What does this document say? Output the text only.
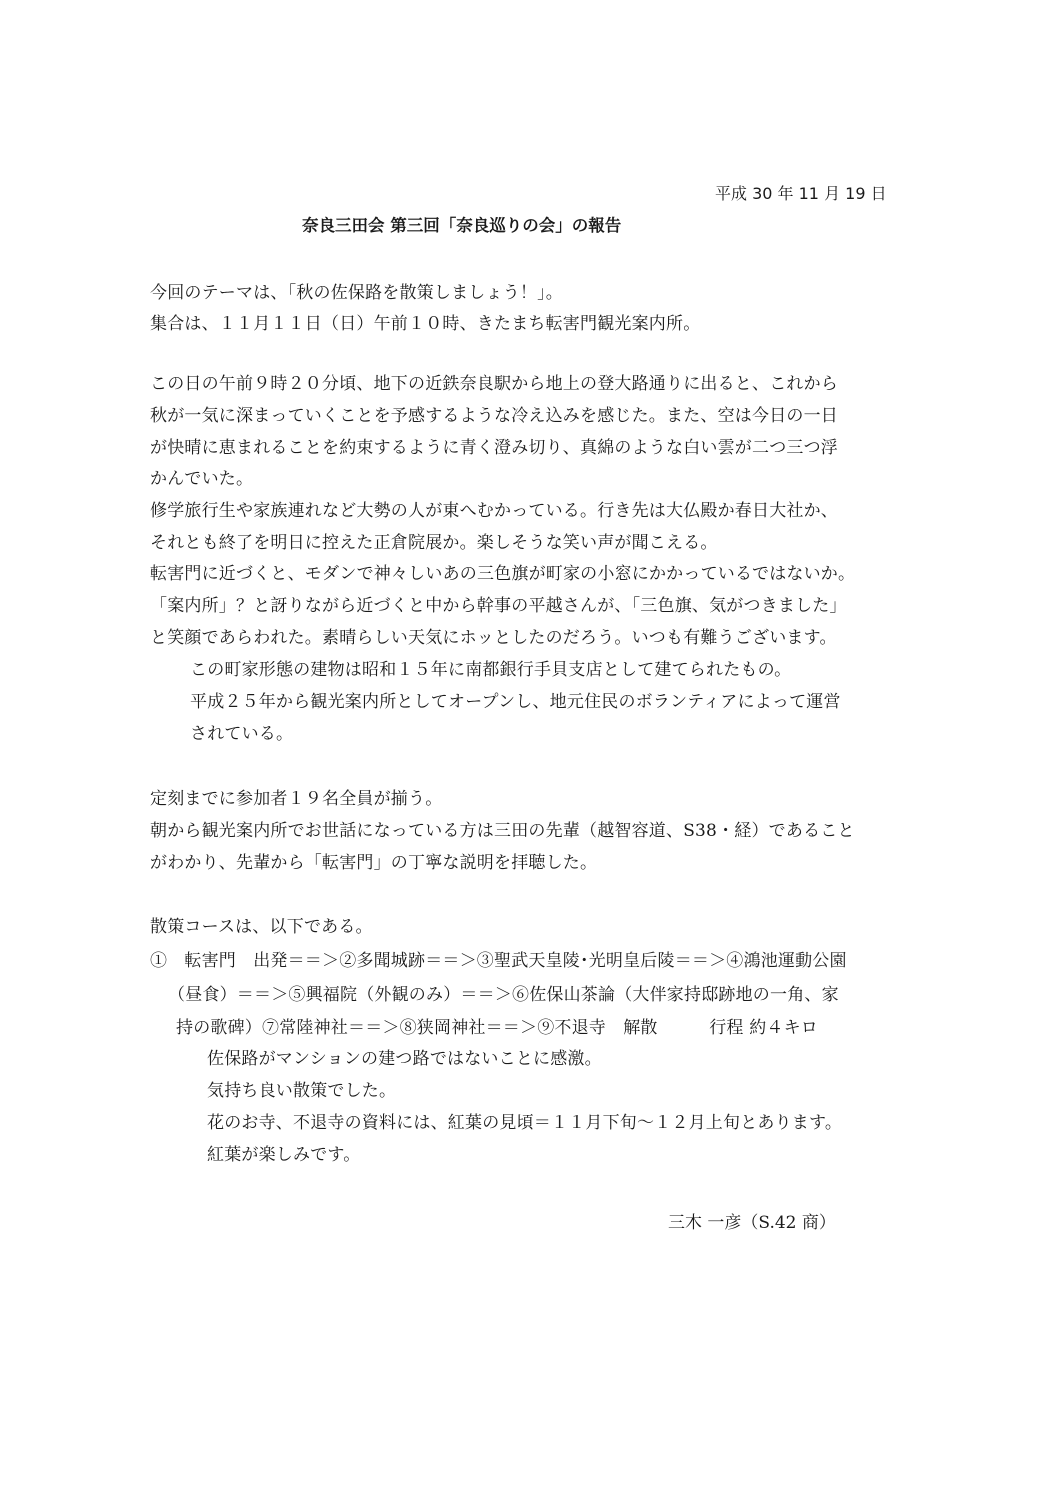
平成 30 年 11 月 19 日
奈良三田会 第三回「奈良巡りの会」の報告
今回のテーマは、「秋の佐保路を散策しましょう！」。
集合は、１１月１１日（日）午前１０時、きたまち転害門観光案内所。
この日の午前９時２０分頃、地下の近鉄奈良駅から地上の登大路通りに出ると、これから
秋が一気に深まっていくことを予感するような冷え込みを感じた。また、空は今日の一日
が快晴に恵まれることを約束するように青く澄み切り、真綿のような白い雲が二つ三つ浮
かんでいた。
修学旅行生や家族連れなど大勢の人が東へむかっている。行き先は大仏殿か春日大社か、
それとも終了を明日に控えた正倉院展か。楽しそうな笑い声が聞こえる。
転害門に近づくと、モダンで神々しいあの三色旗が町家の小窓にかかっているではないか。
「案内所」？と訝りながら近づくと中から幹事の平越さんが、「三色旗、気がつきました」
と笑顔であらわれた。素晴らしい天気にホッとしたのだろう。いつも有難うございます。
この町家形態の建物は昭和１５年に南都銀行手貝支店として建てられたもの。
平成２５年から観光案内所としてオープンし、地元住民のボランティアによって運営
されている。
定刻までに参加者１９名全員が揃う。
朝から観光案内所でお世話になっている方は三田の先輩（越智容道、S38・経）であること
がわかり、先輩から「転害門」の丁寧な説明を拝聴した。
散策コースは、以下である。
①　転害門　出発＝＝＞②多聞城跡＝＝＞③聖武天皇陵･光明皇后陵＝＝＞④鴻池運動公園
（昼食）＝＝＞⑤興福院（外観のみ）＝＝＞⑥佐保山茶論（大伴家持邸跡地の一角、家
持の歌碑）⑦常陸神社＝＝＞⑧狭岡神社＝＝＞⑨不退寺　解散　　　行程 約４キロ
佐保路がマンションの建つ路ではないことに感激。
気持ち良い散策でした。
花のお寺、不退寺の資料には、紅葉の見頃＝１１月下旬～１２月上旬とあります。
紅葉が楽しみです。
三木 一彦（S.42 商）
